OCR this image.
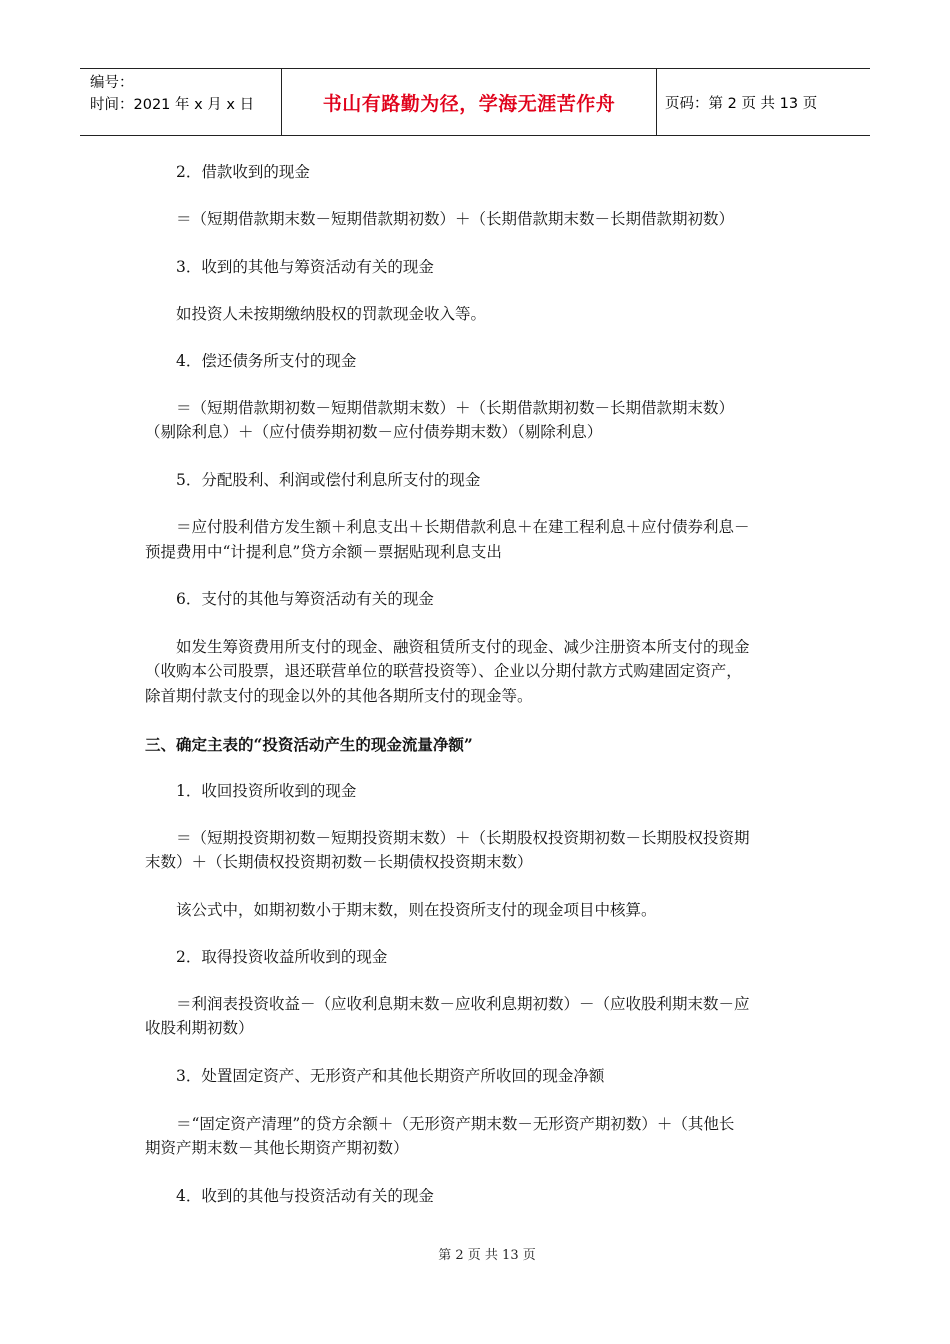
编号：
时间：2021 年 x 月 x 日	书山有路勤为径，学海无涯苦作舟	页码：第 2 页 共 13 页

2．借款收到的现金

＝（短期借款期末数－短期借款期初数）＋（长期借款期末数－长期借款期初数）

3．收到的其他与筹资活动有关的现金

如投资人未按期缴纳股权的罚款现金收入等。

4．偿还债务所支付的现金

＝（短期借款期初数－短期借款期末数）＋（长期借款期初数－长期借款期末数）

（剔除利息）＋（应付债券期初数－应付债券期末数）（剔除利息）

5．分配股利、利润或偿付利息所支付的现金

＝应付股利借方发生额＋利息支出＋长期借款利息＋在建工程利息＋应付债券利息－

预提费用中“计提利息”贷方余额－票据贴现利息支出

6．支付的其他与筹资活动有关的现金

如发生筹资费用所支付的现金、融资租赁所支付的现金、减少注册资本所支付的现金

（收购本公司股票，退还联营单位的联营投资等）、企业以分期付款方式购建固定资产，

除首期付款支付的现金以外的其他各期所支付的现金等。

三、确定主表的“投资活动产生的现金流量净额”

1．收回投资所收到的现金

＝（短期投资期初数－短期投资期末数）＋（长期股权投资期初数－长期股权投资期

末数）＋（长期债权投资期初数－长期债权投资期末数）

该公式中，如期初数小于期末数，则在投资所支付的现金项目中核算。

2．取得投资收益所收到的现金

＝利润表投资收益－（应收利息期末数－应收利息期初数）－（应收股利期末数－应

收股利期初数）

3．处置固定资产、无形资产和其他长期资产所收回的现金净额

＝“固定资产清理”的贷方余额＋（无形资产期末数－无形资产期初数）＋（其他长

期资产期末数－其他长期资产期初数）

4．收到的其他与投资活动有关的现金

第 2 页 共 13 页
